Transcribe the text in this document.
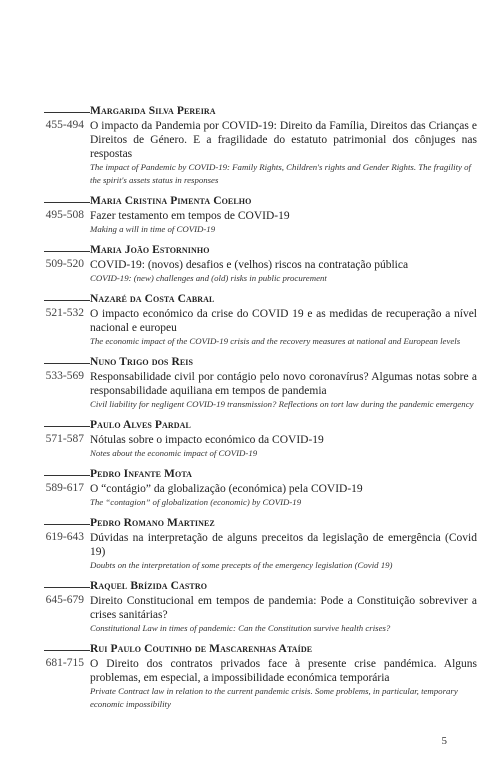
455-494
Margarida Silva Pereira
O impacto da Pandemia por COVID-19: Direito da Família, Direitos das Crianças e Direitos de Género. E a fragilidade do estatuto patrimonial dos cônjuges nas respostas
The impact of Pandemic by COVID-19: Family Rights, Children's rights and Gender Rights. The fragility of the spirit's assets status in responses
495-508
Maria Cristina Pimenta Coelho
Fazer testamento em tempos de COVID-19
Making a will in time of COVID-19
509-520
Maria João Estorninho
COVID-19: (novos) desafios e (velhos) riscos na contratação pública
COVID-19: (new) challenges and (old) risks in public procurement
521-532
Nazaré da Costa Cabral
O impacto económico da crise do COVID 19 e as medidas de recuperação a nível nacional e europeu
The economic impact of the COVID-19 crisis and the recovery measures at national and European levels
533-569
Nuno Trigo dos Reis
Responsabilidade civil por contágio pelo novo coronavírus? Algumas notas sobre a responsabilidade aquiliana em tempos de pandemia
Civil liability for negligent COVID-19 transmission? Reflections on tort law during the pandemic emergency
571-587
Paulo Alves Pardal
Nótulas sobre o impacto económico da COVID-19
Notes about the economic impact of COVID-19
589-617
Pedro Infante Mota
O “contágio” da globalização (económica) pela COVID-19
The “contagion” of globalization (economic) by COVID-19
619-643
Pedro Romano Martinez
Dúvidas na interpretação de alguns preceitos da legislação de emergência (Covid 19)
Doubts on the interpretation of some precepts of the emergency legislation (Covid 19)
645-679
Raquel Brízida Castro
Direito Constitucional em tempos de pandemia: Pode a Constituição sobreviver a crises sanitárias?
Constitutional Law in times of pandemic: Can the Constitution survive health crises?
681-715
Rui Paulo Coutinho de Mascarenhas Ataíde
O Direito dos contratos privados face à presente crise pandémica. Alguns problemas, em especial, a impossibilidade económica temporária
Private Contract law in relation to the current pandemic crisis. Some problems, in particular, temporary economic impossibility
5
